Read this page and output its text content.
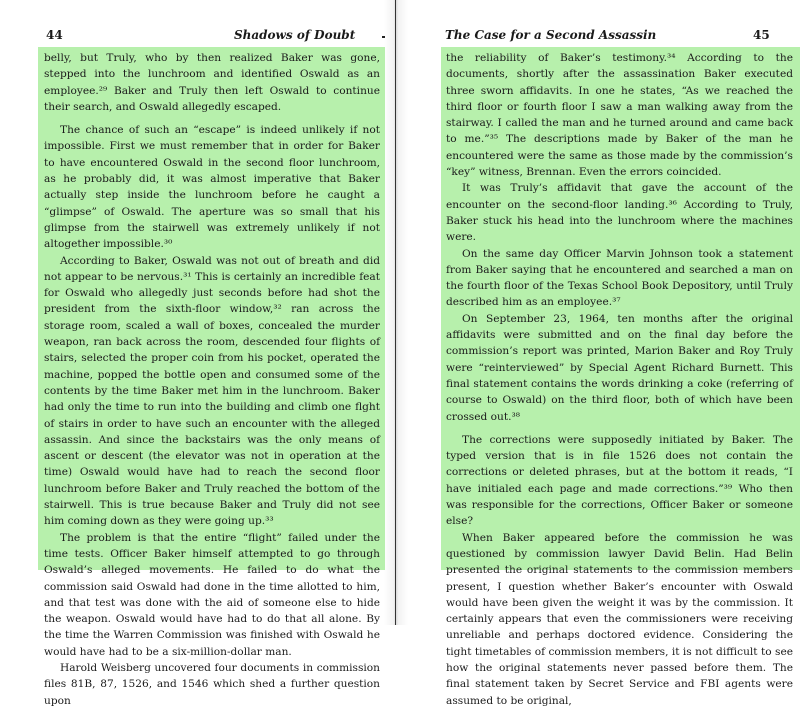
44	Shadows of Doubt

belly, but Truly, who by then realized Baker was gone, stepped into the lunchroom and identified Oswald as an employee.²⁹ Baker and Truly then left Oswald to continue their search, and Oswald allegedly escaped.

The chance of such an “escape” is indeed unlikely if not impossible. First we must remember that in order for Baker to have encountered Oswald in the second floor lunchroom, as he probably did, it was almost imperative that Baker actually step inside the lunchroom before he caught a “glimpse” of Oswald. The aperture was so small that his glimpse from the stairwell was extremely unlikely if not altogether impossible.³⁰

According to Baker, Oswald was not out of breath and did not appear to be nervous.³¹ This is certainly an incredible feat for Oswald who allegedly just seconds before had shot the president from the sixth-floor window,³² ran across the storage room, scaled a wall of boxes, concealed the murder weapon, ran back across the room, descended four flights of stairs, selected the proper coin from his pocket, operated the machine, popped the bottle open and consumed some of the contents by the time Baker met him in the lunchroom. Baker had only the time to run into the building and climb one flght of stairs in order to have such an encounter with the alleged assassin. And since the backstairs was the only means of ascent or descent (the elevator was not in operation at the time) Oswald would have had to reach the second floor lunchroom before Baker and Truly reached the bottom of the stairwell. This is true because Baker and Truly did not see him coming down as they were going up.³³

The problem is that the entire “flight” failed under the time tests. Officer Baker himself attempted to go through Oswald’s alleged movements. He failed to do what the commission said Oswald had done in the time allotted to him, and that test was done with the aid of someone else to hide the weapon. Oswald would have had to do that all alone. By the time the Warren Commission was finished with Oswald he would have had to be a six-million-dollar man.

Harold Weisberg uncovered four documents in commission files 81B, 87, 1526, and 1546 which shed a further question upon

The Case for a Second Assassin	45

the reliability of Baker’s testimony.³⁴ According to the documents, shortly after the assassination Baker executed three sworn affidavits. In one he states, “As we reached the third floor or fourth floor I saw a man walking away from the stairway. I called the man and he turned around and came back to me.”³⁵ The descriptions made by Baker of the man he encountered were the same as those made by the commission’s “key” witness, Brennan. Even the errors coincided.

It was Truly’s affidavit that gave the account of the encounter on the second-floor landing.³⁶ According to Truly, Baker stuck his head into the lunchroom where the machines were.

On the same day Officer Marvin Johnson took a statement from Baker saying that he encountered and searched a man on the fourth floor of the Texas School Book Depository, until Truly described him as an employee.³⁷

On September 23, 1964, ten months after the original affidavits were submitted and on the final day before the commission’s report was printed, Marion Baker and Roy Truly were “reinterviewed” by Special Agent Richard Burnett. This final statement contains the words drinking a coke (referring of course to Oswald) on the third floor, both of which have been crossed out.³⁸

The corrections were supposedly initiated by Baker. The typed version that is in file 1526 does not contain the corrections or deleted phrases, but at the bottom it reads, “I have initialed each page and made corrections.”³⁹ Who then was responsible for the corrections, Officer Baker or someone else?

When Baker appeared before the commission he was questioned by commission lawyer David Belin. Had Belin presented the original statements to the commission members present, I question whether Baker’s encounter with Oswald would have been given the weight it was by the commission. It certainly appears that even the commissioners were receiving unreliable and perhaps doctored evidence. Considering the tight timetables of commission members, it is not difficult to see how the original statements never passed before them. The final statement taken by Secret Service and FBI agents were assumed to be original,
